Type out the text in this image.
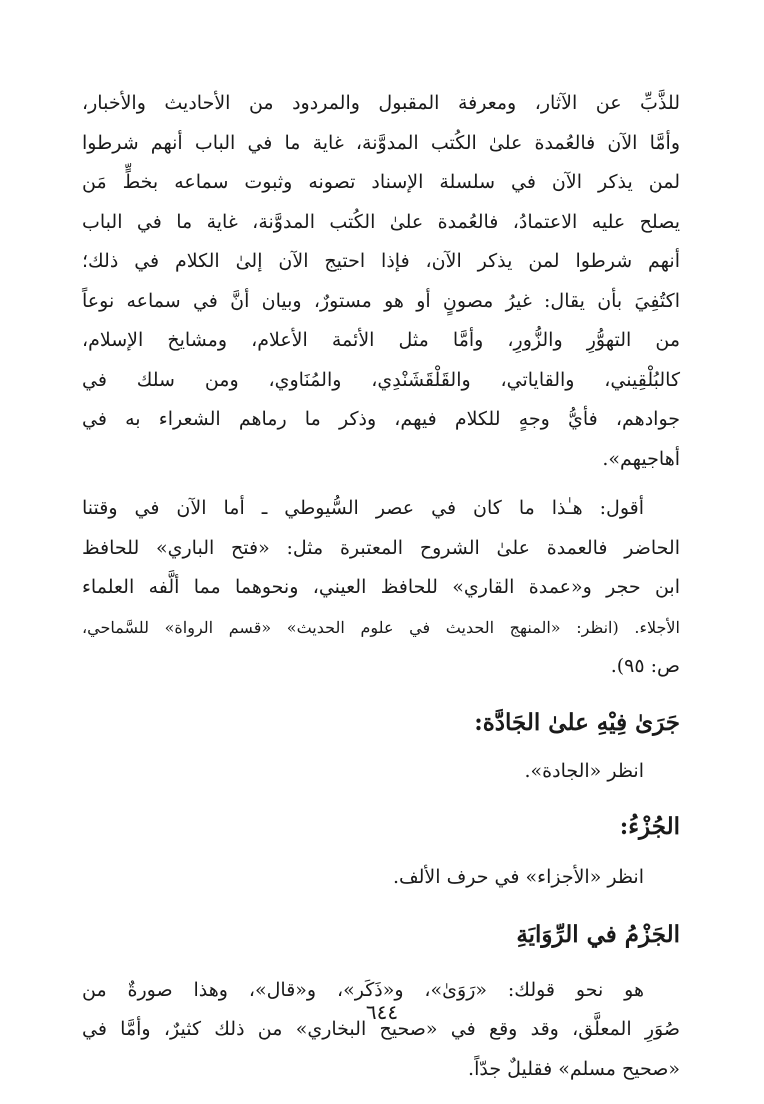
للذَّبِّ عن الآثار، ومعرفة المقبول والمردود من الأحاديث والأخبار،
وأمَّا الآن فالعُمدة علىٰ الكُتب المدوَّنة، غاية ما في الباب أنهم شرطوا
لمن يذكر الآن في سلسلة الإسناد تصونه وثبوت سماعه بخطٍّ مَن
يصلح عليه الاعتمادُ، فالعُمدة علىٰ الكُتب المدوَّنة، غاية ما في الباب
أنهم شرطوا لمن يذكر الآن، فإذا احتيج الآن إلىٰ الكلام في ذلك؛
اكتُفِيَ بأن يقال: غيرُ مصونٍ أو هو مستورٌ، وبيان أنَّ في سماعه نوعاً
من التهوُّرِ والزُّورِ، وأمَّا مثل الأئمة الأعلام، ومشايخ الإسلام،
كالبُلْقِيني، والقاياتي، والقَلْقَشَنْدِي، والمُنَاوي، ومن سلك في
جوادهم، فأيُّ وجهٍ للكلام فيهم، وذكر ما رماهم الشعراء به في
أهاجيهم».

أقول: هـٰذا ما كان في عصر السُّيوطي ـ أما الآن في وقتنا
الحاضر فالعمدة علىٰ الشروح المعتبرة مثل: «فتح الباري» للحافظ
ابن حجر و«عمدة القاري» للحافظ العيني، ونحوهما مما ألَّفه العلماء
الأجلاء. (انظر: «المنهج الحديث في علوم الحديث» «قسم الرواة» للسَّماحي،
ص: ٩٥).

جَرَىٰ فِيْهِ علىٰ الجَادَّة:

انظر «الجادة».

الجُزْءُ:

انظر «الأجزاء» في حرف الألف.

الجَزْمُ في الرِّوَايَةِ

هو نحو قولك: «رَوَىٰ»، و«ذَكَر»، و«قال»، وهذا صورةٌ من
صُوَرِ المعلَّق، وقد وقع في «صحيح البخاري» من ذلك كثيرٌ، وأمَّا في
«صحيح مسلم» فقليلٌ جدّاً.

٦٤٤
